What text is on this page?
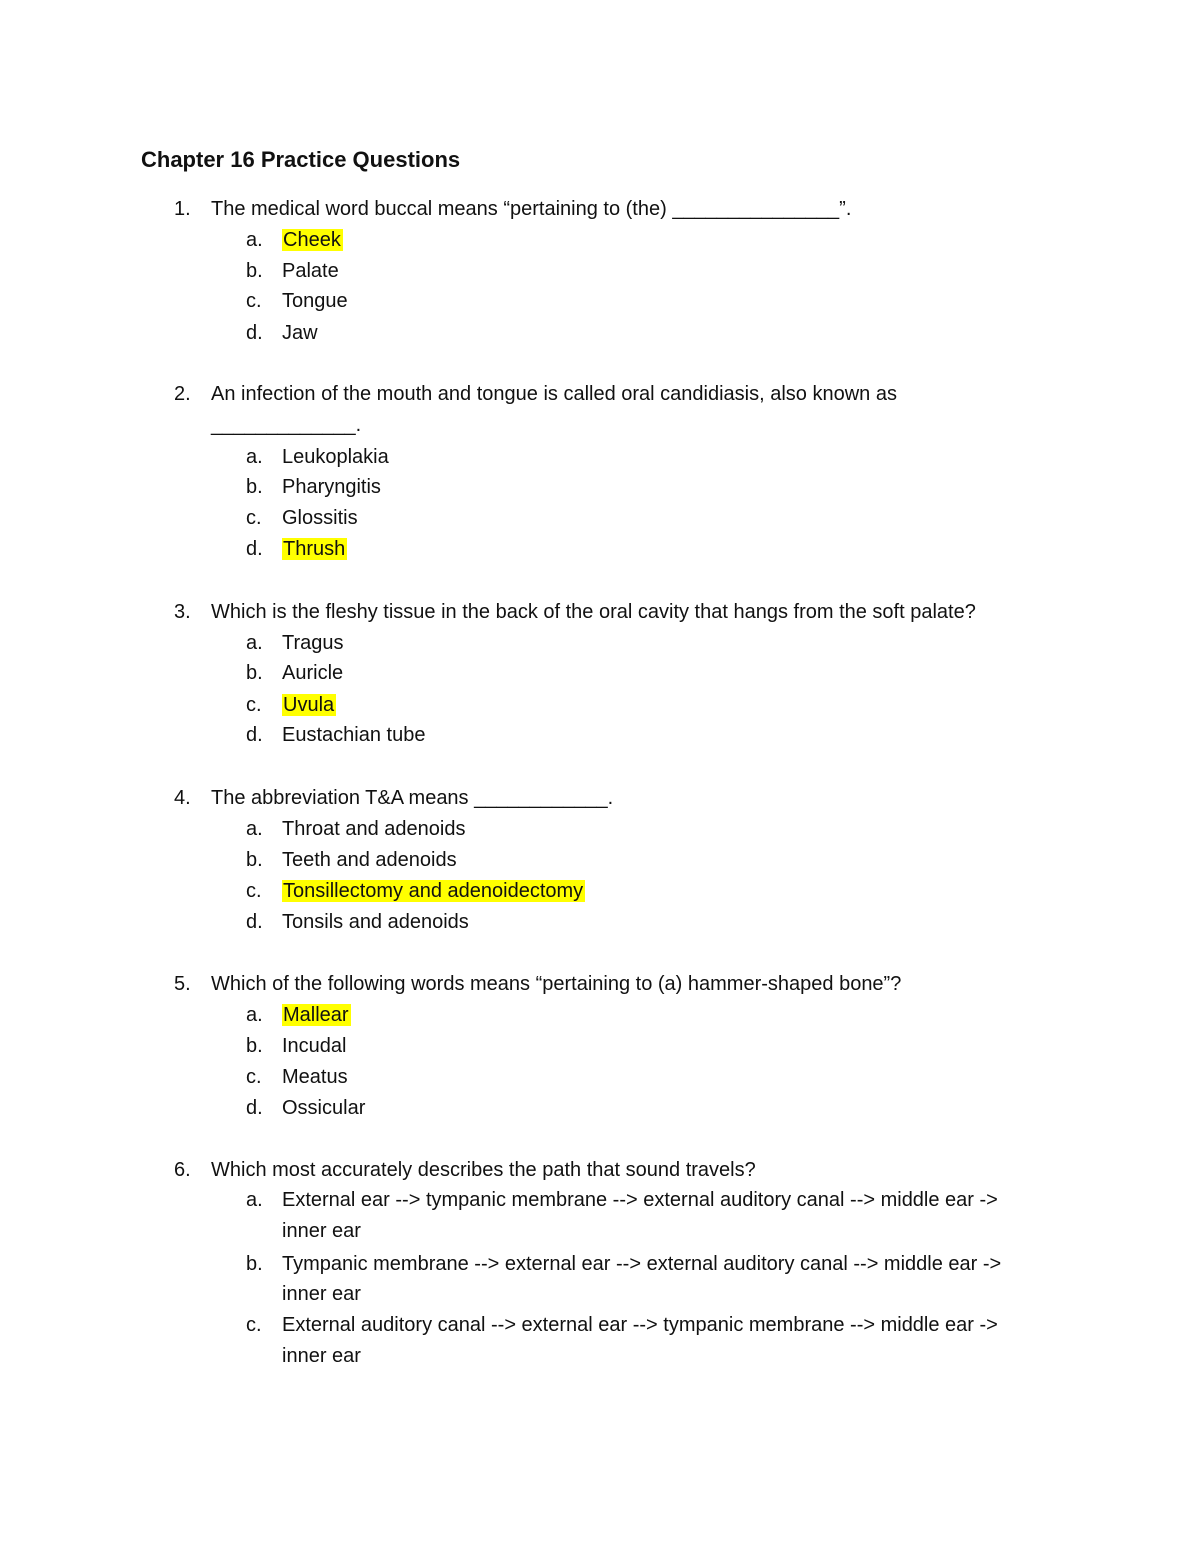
Chapter 16 Practice Questions
1.	The medical word buccal means “pertaining to (the) _______________”.
a.	Cheek
b. Palate
c.	Tongue
d. Jaw
2.	An infection of the mouth and tongue is called oral candidiasis, also known as
_____________.
a. Leukoplakia
b. Pharyngitis
c.	Glossitis
d.	Thrush
3.	Which is the fleshy tissue in the back of the oral cavity that hangs from the soft palate?
a. Tragus
b. Auricle
c.	Uvula
d. Eustachian tube
4.	The abbreviation T&A means ____________.
a. Throat and adenoids
b. Teeth and adenoids
c.	Tonsillectomy and adenoidectomy
d. Tonsils and adenoids
5.	Which of the following words means “pertaining to (a) hammer-shaped bone”?
a.	Mallear
b. Incudal
c.	Meatus
d. Ossicular
6.	Which most accurately describes the path that sound travels?
a. External ear --> tympanic membrane --> external auditory canal --> middle ear ->
inner ear
b. Tympanic membrane --> external ear --> external auditory canal --> middle ear ->
inner ear
c.	External auditory canal --> external ear --> tympanic membrane --> middle ear ->
inner ear
